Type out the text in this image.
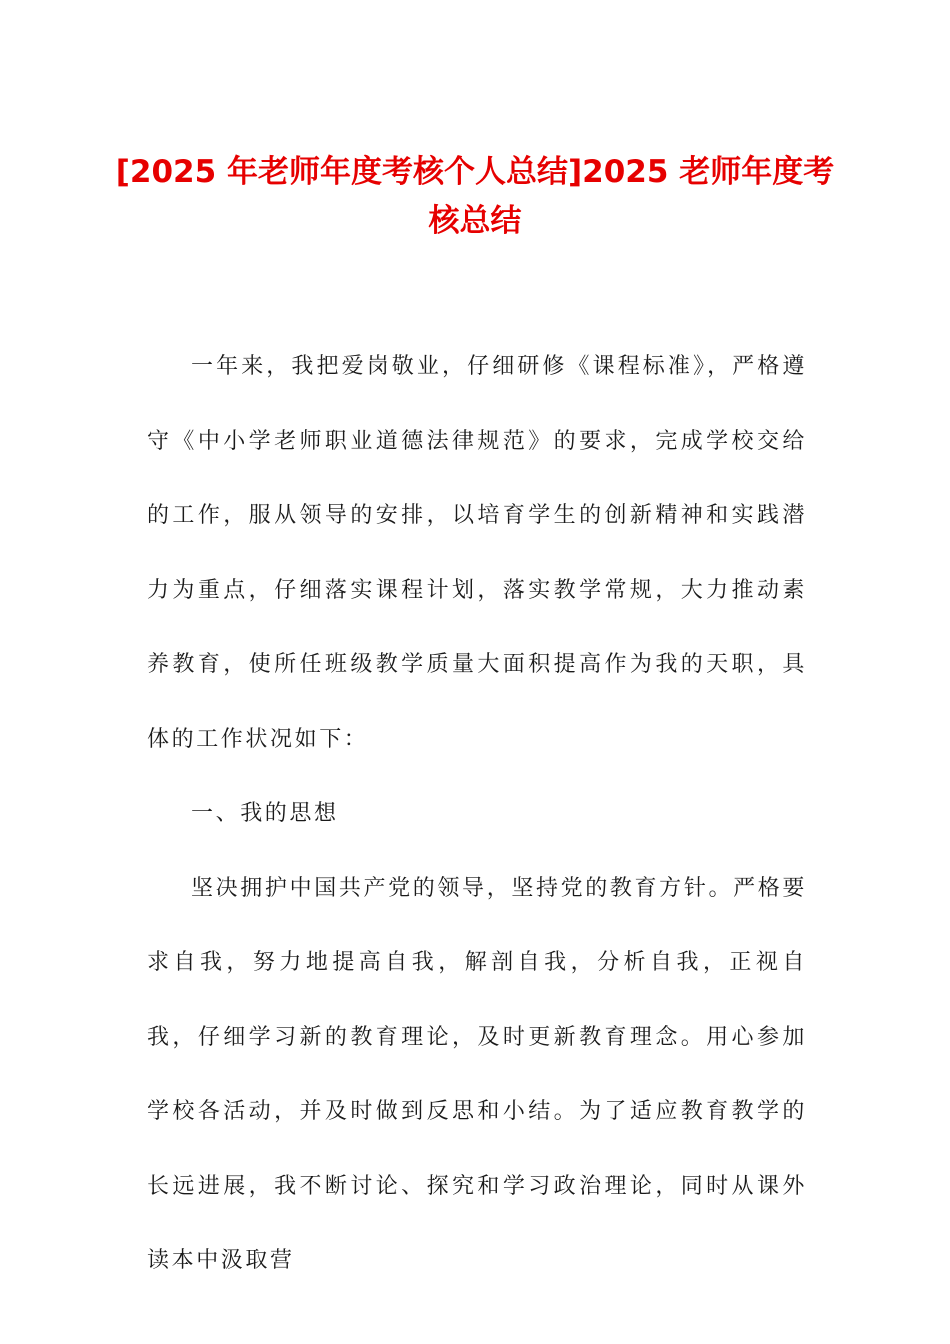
[2025 年老师年度考核个人总结]2025 老师年度考核总结

一年来，我把爱岗敬业，仔细研修《课程标准》，严格遵守《中小学老师职业道德法律规范》的要求，完成学校交给的工作，服从领导的安排，以培育学生的创新精神和实践潜力为重点，仔细落实课程计划，落实教学常规，大力推动素养教育，使所任班级教学质量大面积提高作为我的天职，具体的工作状况如下：

一、我的思想

坚决拥护中国共产党的领导，坚持党的教育方针。严格要求自我，努力地提高自我，解剖自我，分析自我，正视自我，仔细学习新的教育理论，及时更新教育理念。用心参加学校各活动，并及时做到反思和小结。为了适应教育教学的长远进展，我不断讨论、探究和学习政治理论，同时从课外读本中汲取营
